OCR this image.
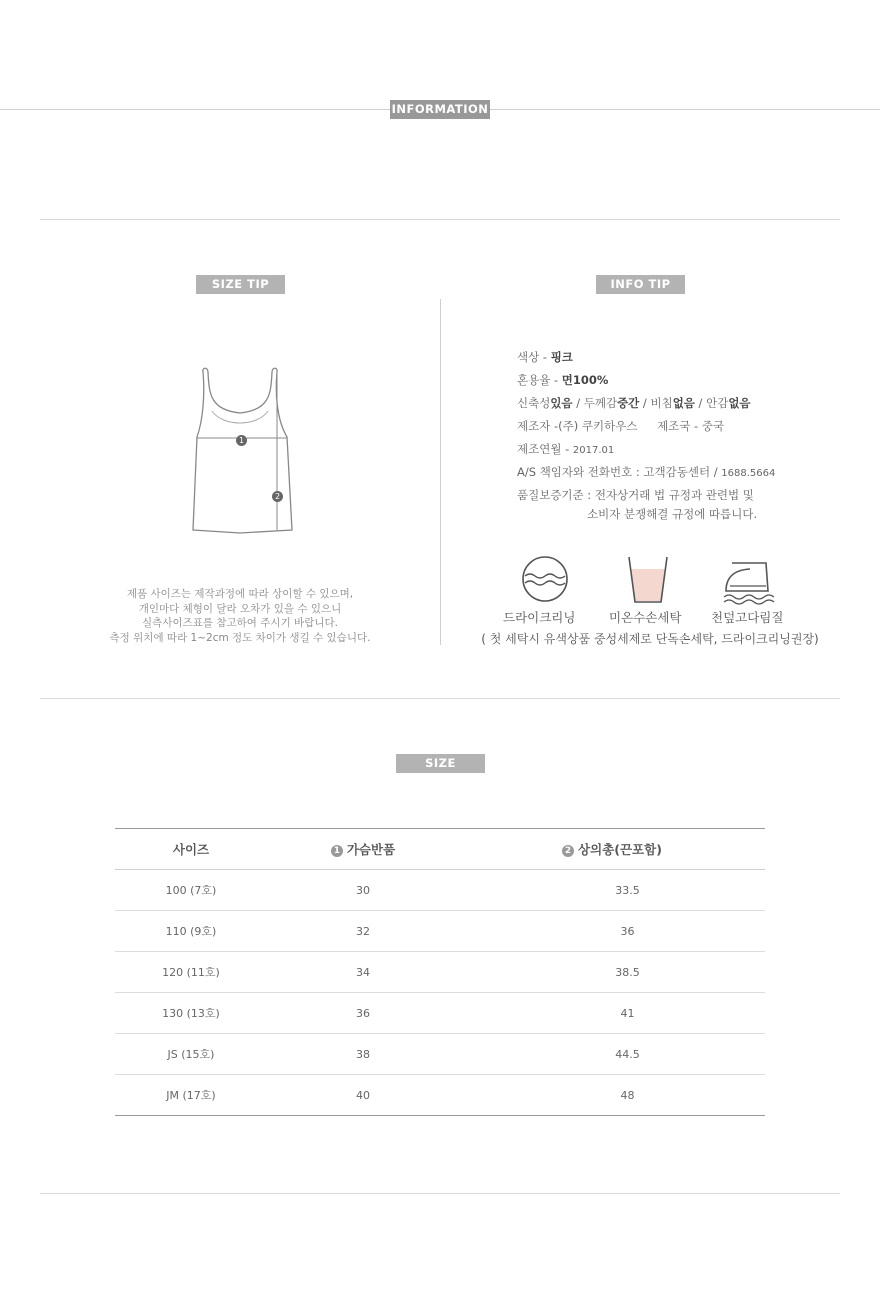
INFORMATION
SIZE TIP
1
2
제품 사이즈는 제작과정에 따라 상이할 수 있으며,
개인마다 체형이 달라 오차가 있을 수 있으니
실측사이즈표를 참고하여 주시기 바랍니다.
측정 위치에 따라 1~2cm 정도 차이가 생길 수 있습니다.
INFO TIP
색상 - 핑크
혼용율 - 면100%
신축성있음 / 두께감중간 / 비침없음 / 안감없음
제조자 -(주) 쿠키하우스 제조국 - 중국
제조연월 - 2017.01
A/S 책임자와 전화번호 : 고객감동센터 / 1688.5664
품질보증기준 : 전자상거래 법 규정과 관련법 및
소비자 분쟁해결 규정에 따릅니다.
드라이크리닝	미온수손세탁 천덮고다림질
( 첫 세탁시 유색상품 중성세제로 단독손세탁, 드라이크리닝권장)
SIZE
사이즈	1 가슴반품	2 상의총(끈포함)
100 (7호)	30	33.5
110 (9호)	32	36
120 (11호)	34	38.5
130 (13호)	36	41
JS (15호)	38	44.5
JM (17호)	40	48
